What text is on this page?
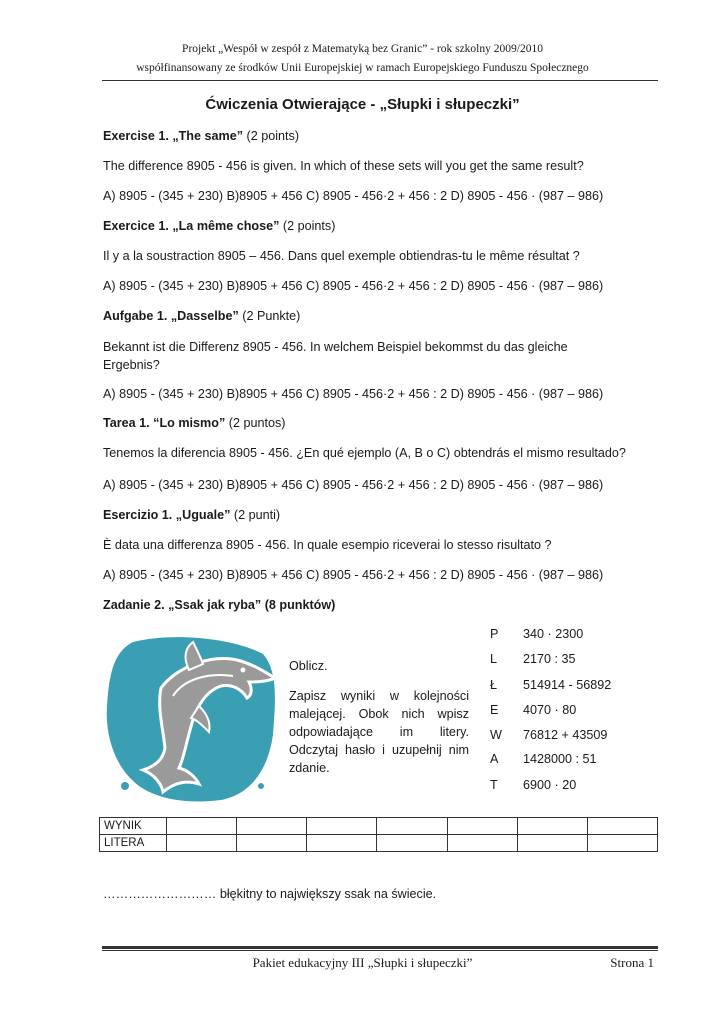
Projekt „Wespół w zespół z Matematyką bez Granic” - rok szkolny 2009/2010
współfinansowany ze środków Unii Europejskiej w ramach Europejskiego Funduszu Społecznego
Ćwiczenia Otwierające - „Słupki i słupeczki”
Exercise 1. „The same” (2 points)
The difference 8905 - 456 is given. In which of these sets will you get the same result?
A) 8905 - (345 + 230) B)8905 + 456 C) 8905 - 456·2 + 456 : 2 D) 8905 - 456 · (987 – 986)
Exercice 1. „La même chose” (2 points)
Il y a la soustraction 8905 – 456. Dans quel exemple obtiendras-tu le même résultat ?
A) 8905 - (345 + 230) B)8905 + 456 C) 8905 - 456·2 + 456 : 2 D) 8905 - 456 · (987 – 986)
Aufgabe 1. „Dasselbe” (2 Punkte)
Bekannt ist die Differenz 8905 - 456. In welchem Beispiel bekommst du das gleiche Ergebnis?
A) 8905 - (345 + 230) B)8905 + 456 C) 8905 - 456·2 + 456 : 2 D) 8905 - 456 · (987 – 986)
Tarea 1. “Lo mismo” (2 puntos)
Tenemos la diferencia 8905 - 456. ¿En qué ejemplo (A, B o C) obtendrás el mismo resultado?
A) 8905 - (345 + 230) B)8905 + 456 C) 8905 - 456·2 + 456 : 2 D) 8905 - 456 · (987 – 986)
Esercizio 1. „Uguale” (2 punti)
È data una differenza 8905 - 456. In quale esempio riceverai lo stesso risultato ?
A) 8905 - (345 + 230) B)8905 + 456 C) 8905 - 456·2 + 456 : 2 D) 8905 - 456 · (987 – 986)
Zadanie 2. „Ssak jak ryba” (8 punktów)
Oblicz.
Zapisz wyniki w kolejności malejącej. Obok nich wpisz odpowiadające im litery. Odczytaj hasło i uzupełnij nim zdanie.
P 340 · 2300
L 2170 : 35
Ł 514914 - 56892
E 4070 · 80
W 76812 + 43509
A 1428000 : 51
T 6900 · 20
WYNIK							
LITERA							
……………………… błękitny to największy ssak na świecie.
Pakiet edukacyjny III „Słupki i słupeczki”	Strona 1
